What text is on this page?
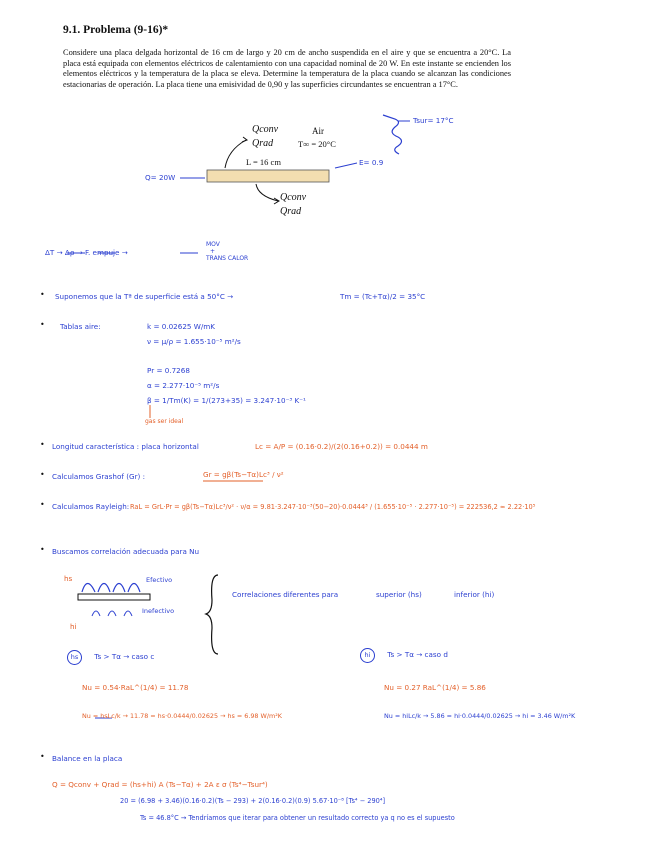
9.1. Problema (9-16)*
Considere una placa delgada horizontal de 16 cm de largo y 20 cm de ancho suspendida en el aire y que se encuentra a 20°C. La placa está equipada con elementos eléctricos de calentamiento con una capacidad nominal de 20 W. En este instante se encienden los elementos eléctricos y la temperatura de la placa se eleva. Determine la temperatura de la placa cuando se alcanzan las condiciones estacionarias de operación. La placa tiene una emisividad de 0,90 y las superficies circundantes se encuentran a 17°C.
Qconv
Qrad
Air
T∞ = 20°C
L = 16 cm
Qconv
Qrad
Q= 20W
E= 0.9
Tsur= 17°C
ΔT → Δρ → F. empuje →
MOV
+
TRANS CALOR
• Suponemos que la Tª de superficie está a 50°C →	Tm = (Tc+Tα)/2 = 35°C
• Tablas aire:	k = 0.02625 W/mK
ν = μ/ρ = 1.655·10⁻⁵ m²/s
Pr = 0.7268
α = 2.277·10⁻⁵ m²/s
β = 1/Tm(K) = 1/(273+35) = 3.247·10⁻³ K⁻¹
gas ser ideal
• Longitud característica : placa horizontal	Lc = A/P = (0.16·0.2)/(2(0.16+0.2)) = 0.0444 m
• Calculamos Grashof (Gr) :	Gr = gβ(Ts−Tα)Lc³ / ν²
• Calculamos Rayleigh: RaL = GrL·Pr = gβ(Ts−Tα)Lc³/ν² · ν/α = 9.81·3.247·10⁻³(50−20)·0.0444³ / (1.655·10⁻⁵ · 2.277·10⁻⁵) = 222536,2 ≈ 2.22·10⁵
• Buscamos correlación adecuada para Nu
hs
hi
Efectivo
Inefectivo
Correlaciones diferentes para	superior (hs)	inferior (hi)
hs Ts > Tα → caso c	hi Ts > Tα → caso d
Nu = 0.54·RaL^(1/4) = 11.78	Nu = 0.27 RaL^(1/4) = 5.86
Nu = hsLc/k → 11.78 = hs·0.0444/0.02625 → hs = 6.98 W/m²K	Nu = hiLc/k → 5.86 = hi·0.0444/0.02625 → hi = 3.46 W/m²K
• Balance en la placa
Q = Qconv + Qrad = (hs+hi) A (Ts−Tα) + 2A ε σ (Ts⁴−Tsur⁴)
20 = (6.98 + 3.46)(0.16·0.2)(Ts − 293) + 2(0.16·0.2)(0.9) 5.67·10⁻⁸ [Ts⁴ − 290⁴]
Ts = 46.8°C → Tendríamos que iterar para obtener un resultado correcto ya q no es el supuesto
